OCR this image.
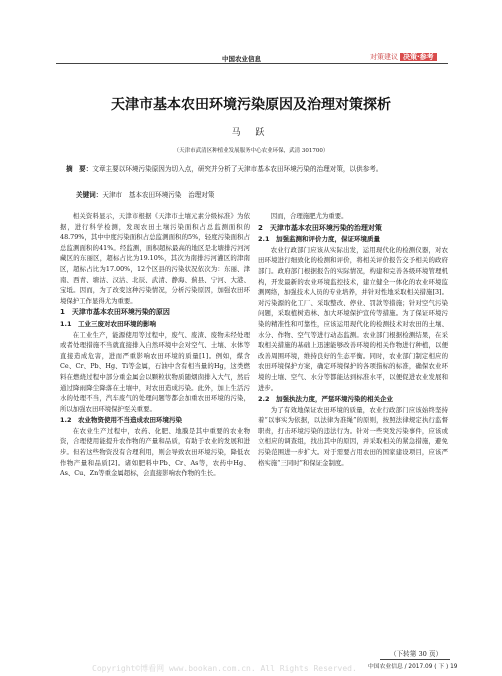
中国农业信息	对策建议 决策·参考
天津市基本农田环境污染原因及治理对策探析
马 跃
（天津市武清区种植业发展服务中心农业环保，武清 301700）
摘　要：文章主要以环境污染原因为切入点，研究并分析了天津市基本农田环境污染的治理对策，以供参考。
关键词：天津市　基本农田环境污染　治理对策

相关资料显示，天津市根据《天津市土壤元素分级标准》为依据，进行科学检测，发现农田土壤污染面积占总监测面积的48.79%，其中中度污染面积占总监测面积的5%，轻度污染面积占总监测面积的41%。经监测，面积超标最高的地区是北塘排污河河藏区的东丽区，超标占比为19.10%，其次为南排污河灌区的津南区，超标占比为17.00%，12个区县的污染状况依次为：东丽、津南、西青、塘沽、汉沽、北辰、武清、静海、蓟县、宁河、大港、宝坻。因而，为了改变这种污染情况，分析污染原因，加强农田环境保护工作显得尤为重要。

1　天津市基本农田环境污染的原因
1.1　工业三废对农田环境的影响

在工业生产，能源使用等过程中，废气、废渣、废物未经处理或者处理措施不当就直接排入自然环境中会对空气、土壤、水体等直接造成危害，进而严重影响农田环境的质量[1]。例如，煤含Ce、Cr、Pb、Hg、Ti等金属，石油中含有相当量的Hg，这类燃料在燃烧过程中部分重金属会以颗粒状物质随烟囱排入大气，然后通过降雨降尘降落在土壤中，对农田造成污染。此外，加上生活污水的处理不当，汽车废气的处理问题等都会加重农田环境的污染，所以加强农田环境保护至关重要。

1.2　农业物资使用不当造成农田环境污染

在农业生产过程中，农药、化肥、地膜是其中重要的农业物资，合理使用能提升农作物的产量和品质，有助于农业的发展和进步。但若这些物资没有合理利用，则会导致农田环境污染，降低农作物产量和品质[2]。诸如肥料中Pb、Cr、As等，农药中Hg、As、Cu、Zn等重金属超标，会直接影响农作物的生长。

因而，合理施肥尤为重要。

2　天津市基本农田环境污染的治理对策
2.1　加强监测和评价力度，保证环境质量

农业行政部门应该从实际出发，运用现代化的检测仪器，对农田环境进行细致化的检测和评价，将相关评价报告交予相关的政府部门。政府部门根据报告的实际情况，构建和完善各级环境管理机构，开发最新的农业环境监控技术，建立健全一体化的农业环境监测网络，加强技术人员的专业培养，并针对性地采取相关措施[3]。对污染源的化工厂、采取整改、停业、罚款等措施；针对空气污染问题，采取植树造林、加大环境保护宣传等措施。为了保证环境污染的精准性和可靠性，应该运用现代化的检测技术对农田的土壤、水分、作物、空气等进行动态监测。农业部门根据检测结果，在采取相关措施的基础上迅速能够改善环境的相关作物进行种植，以便改善周围环境，维持良好的生态平衡。同时，农业部门制定相应的农田环境保护方案，确定环境保护的各项指标的标准，确保农业环境的土壤、空气、水分等都能达到标准水平，以便促进农业发展和进步。

2.2　加强执法力度，严惩环境污染的相关企业

为了有效地保证农田环境的质量，农业行政部门应该始终坚持着“以事实为依据，以法律为准绳”的原则，按照法律规定执行监督职责，打击环境污染的违法行为。针对一些突发污染事件，应该或立相应的调查组，找出其中的原因，并采取相关的紧急措施，避免污染范围进一步扩大。对于需要占用农田的国家建设项目，应该严格实施“三同时”和保证金制度。

（下转第 30 页）
中国农业信息 / 2017.09 ( 下 ) 19
Copyright©博看网 www.bookan.com.cn. All Rights Reserved.
